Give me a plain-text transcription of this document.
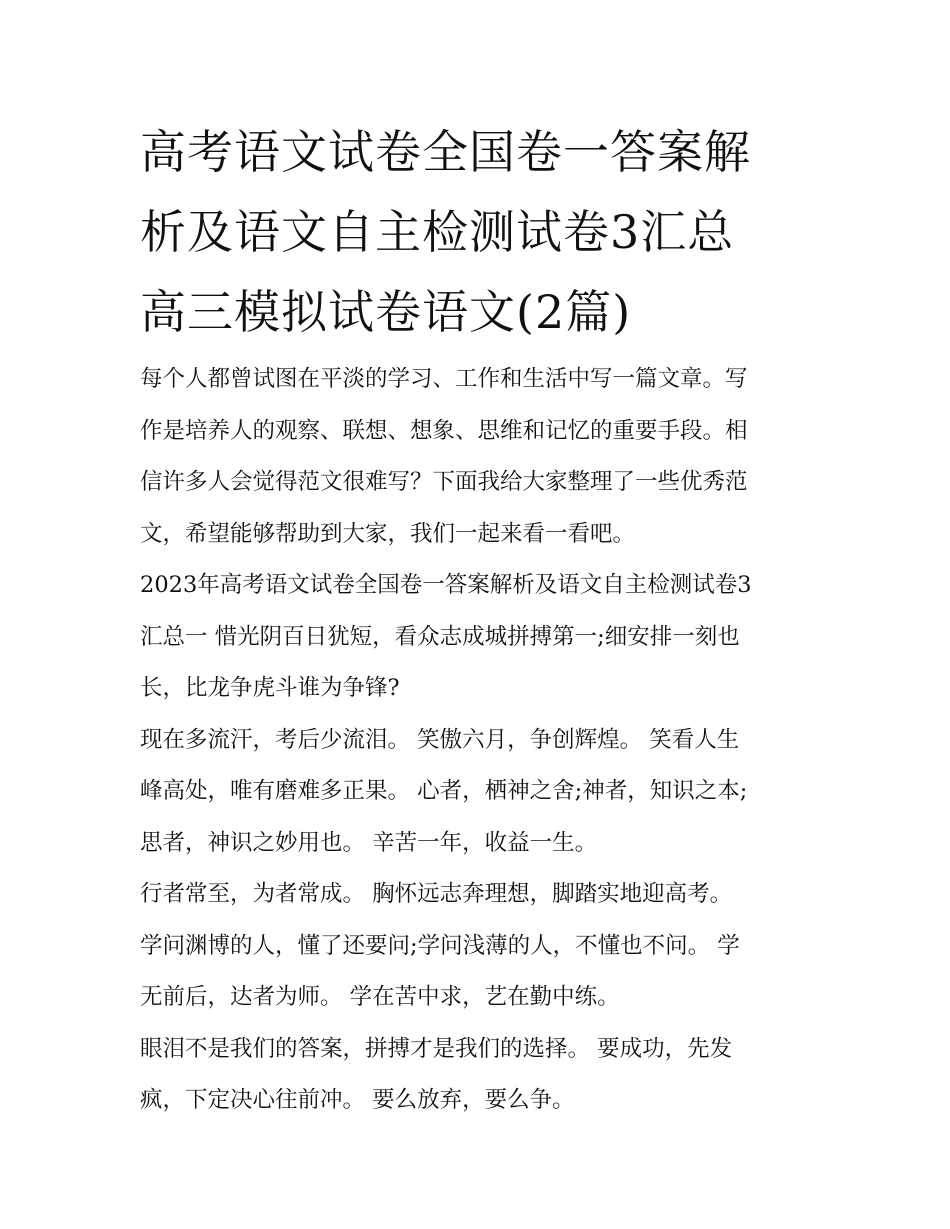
高考语文试卷全国卷一答案解
析及语文自主检测试卷3汇总
高三模拟试卷语文(2篇)

每个人都曾试图在平淡的学习、工作和生活中写一篇文章。写
作是培养人的观察、联想、想象、思维和记忆的重要手段。相
信许多人会觉得范文很难写？下面我给大家整理了一些优秀范
文，希望能够帮助到大家，我们一起来看一看吧。

2023年高考语文试卷全国卷一答案解析及语文自主检测试卷3
汇总一 惜光阴百日犹短，看众志成城拼搏第一;细安排一刻也
长，比龙争虎斗谁为争锋?

现在多流汗，考后少流泪。 笑傲六月，争创辉煌。 笑看人生
峰高处，唯有磨难多正果。 心者，栖神之舍;神者，知识之本;
思者，神识之妙用也。 辛苦一年，收益一生。

行者常至，为者常成。 胸怀远志奔理想，脚踏实地迎高考。
学问渊博的人，懂了还要问;学问浅薄的人，不懂也不问。 学
无前后，达者为师。 学在苦中求，艺在勤中练。

眼泪不是我们的答案，拼搏才是我们的选择。 要成功，先发
疯，下定决心往前冲。 要么放弃，要么争。
